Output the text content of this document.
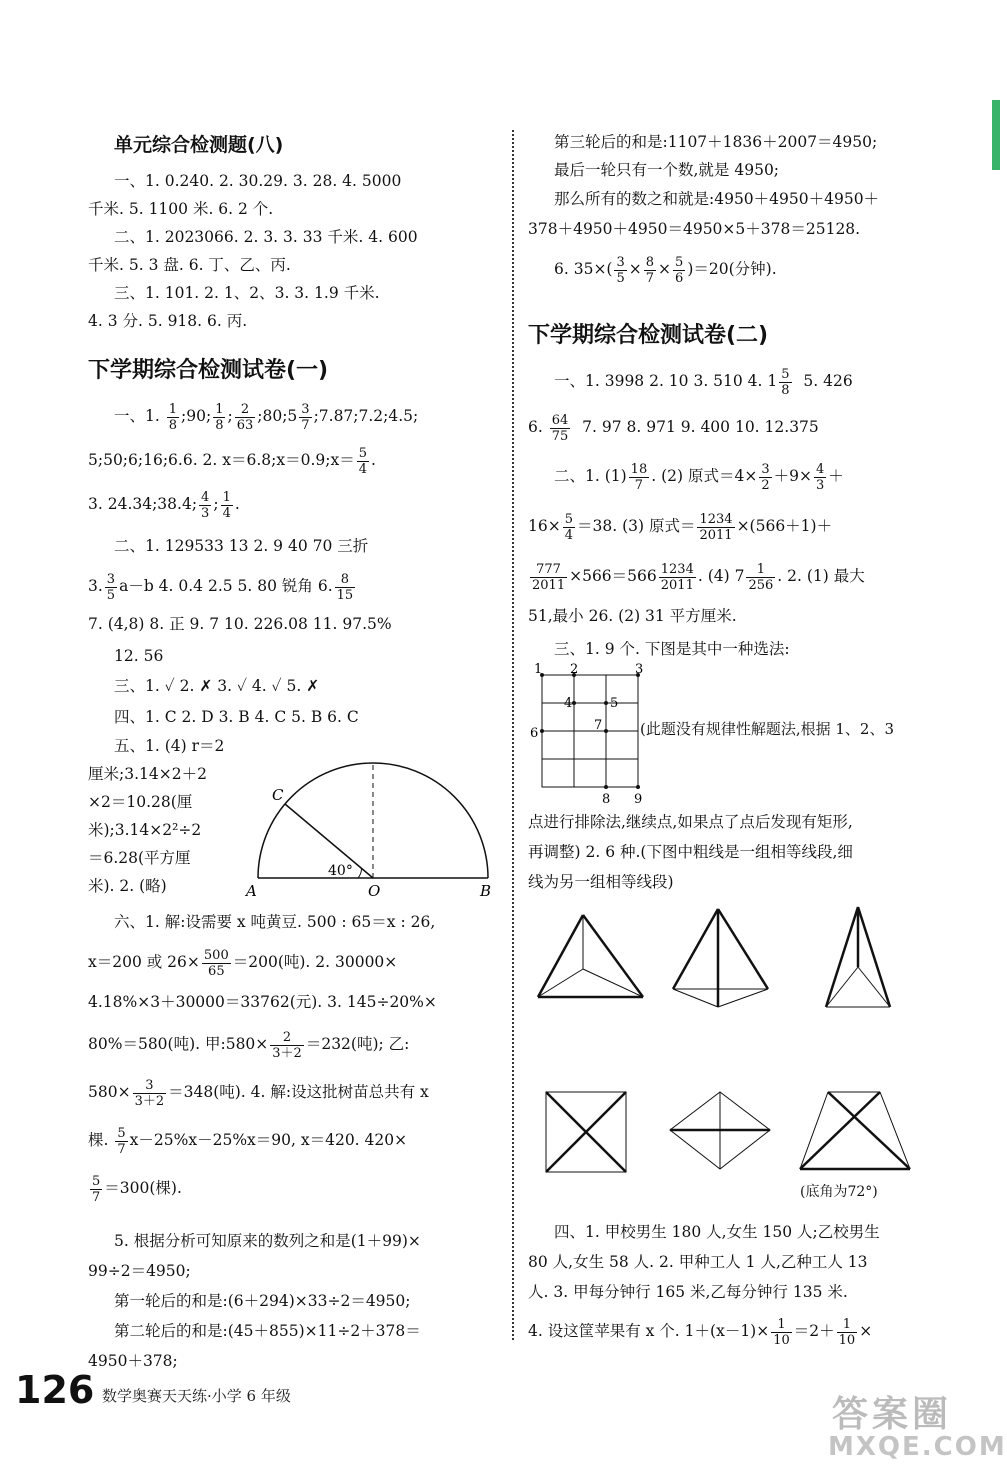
单元综合检测题(八)

一、1. 0.240. 2. 30.29. 3. 28. 4. 5000

千米. 5. 1100 米. 6. 2 个.

二、1. 2023066. 2. 3. 3. 33 千米. 4. 600

千米. 5. 3 盘. 6. 丁、乙、丙.

三、1. 101. 2. 1、2、3. 3. 1.9 千米.

4. 3 分. 5. 918. 6. 丙.

下学期综合检测试卷(一)

一、1. $\frac{1}{8}$ ;90; $\frac{1}{8}$ ; $\frac{2}{63}$ ;80;5 $\frac{3}{7}$ ;7.87;7.2;4.5;

5;50;6;16;6.6. 2. x＝6.8;x＝0.9;x＝ $\frac{5}{4}$ .

3. 24.34;38.4; $\frac{4}{3}$ ; $\frac{1}{4}$ .

二、1. 129533 13 2. 9 40 70 三折

3. $\frac{3}{5} a-b$ 4. 0.4 2.5 5. 80 锐角 6. $\frac{8}{15}$

7. (4,8) 8. 正 9. 7 10. 226.08 11. 97.5%

12. 56

三、1. ✓ 2. ✗ 3. ✓ 4. ✓ 5. ✗

四、1. C 2. D 3. B 4. C 5. B 6. C

五、1. (4) r＝2

厘米;3.14×2＋2

×2＝10.28(厘

米);3.14×2²÷2

＝6.28(平方厘

米). 2. (略)

C
A	O	B
40°

六、1. 解:设需要 x 吨黄豆. 500 : 65＝x : 26,

x＝200 或 $26\times \frac{500}{65} =200$(吨). 2. 30000×

4.18%×3＋30000＝33762(元). 3. 145÷20%×

80%＝580(吨). 甲:580× $\frac{2}{3+2} =232$(吨); 乙:

$580\times \frac{3}{3+2} =348$(吨). 4. 解:设这批树苗总共有 x

棵. $\frac{5}{7} x-25\%x-25\%x=90$, x＝420. 420×

$\frac{5}{7} =300$(棵).

5. 根据分析可知原来的数列之和是(1＋99)×

99÷2＝4950;

第一轮后的和是:(6＋294)×33÷2＝4950;

第二轮后的和是:(45＋855)×11÷2＋378＝

4950＋378;

第三轮后的和是:1107＋1836＋2007＝4950;

最后一轮只有一个数,就是 4950;

那么所有的数之和就是:4950＋4950＋4950＋

378＋4950＋4950＝4950×5＋378＝25128.

6. $35\times( \frac{3}{5} \times \frac{8}{7} \times \frac{5}{6} )=20$(分钟).

下学期综合检测试卷(二)

一、1. 3998 2. 10 3. 510 4. $1 \frac{5}{8} 5$. 426

6. $\frac{64}{75} 7$. 97 8. 971 9. 400 10. 12.375

二、1. $(1) \frac{18}{7}$ . (2) 原式$=4\times \frac{3}{2} +9\times \frac{4}{3}$ ＋

$16\times \frac{5}{4} =38$. (3) 原式＝ $\frac{1234}{2011} \times(566+1)+$

$\frac{777}{2011} \times 566=566 \frac{1234}{2011}$ . (4) $7 \frac{1}{256}$ . 2. (1) 最大

51,最小 26. (2) 31 平方厘米.

三、1. 9 个. 下图是其中一种选法:

1 2	3
4	5
6
7
8 9

(此题没有规律性解题法,根据 1、2、3

点进行排除法,继续点,如果点了点后发现有矩形,

再调整) 2. 6 种.(下图中粗线是一组相等线段,细

线为另一组相等线段)

(底角为72°)

四、1. 甲校男生 180 人,女生 150 人;乙校男生

80 人,女生 58 人. 2. 甲种工人 1 人,乙种工人 13

人. 3. 甲每分钟行 165 米,乙每分钟行 135 米.

4. 设这筐苹果有 x 个. $1+(x-1)\times \frac{1}{10} =2+ \frac{1}{10}$ ×

126 数学奥赛天天练·小学 6 年级	答案圈
MXQE.COM
